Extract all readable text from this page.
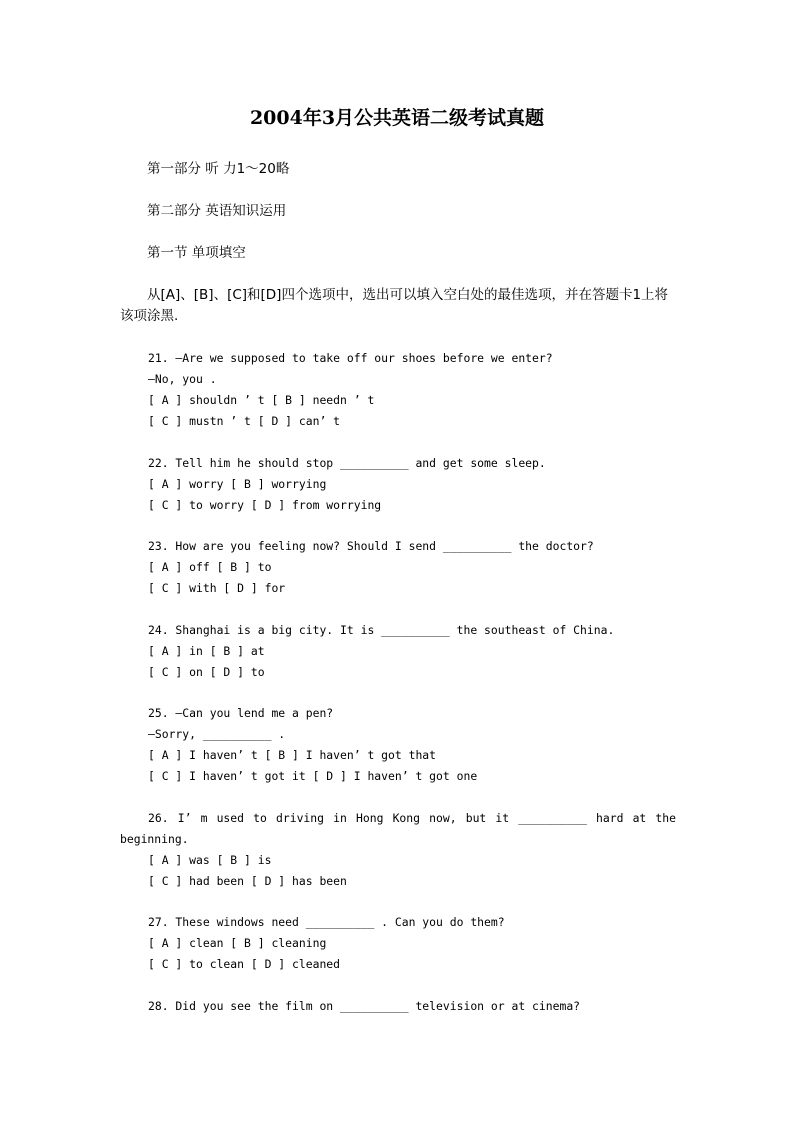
2004年3月公共英语二级考试真题
第一部分 听 力1～20略
第二部分 英语知识运用
第一节 单项填空
从[A]、[B]、[C]和[D]四个选项中，选出可以填入空白处的最佳选项，并在答题卡1上将该项涂黑.
21. —Are we supposed to take off our shoes before we enter?
—No, you .
[ A ] shouldn ’ t [ B ] needn ’ t
[ C ] mustn ’ t [ D ] can’ t
22. Tell him he should stop __________ and get some sleep.
[ A ] worry [ B ] worrying
[ C ] to worry [ D ] from worrying
23. How are you feeling now? Should I send __________ the doctor?
[ A ] off [ B ] to
[ C ] with [ D ] for
24. Shanghai is a big city. It is __________ the southeast of China.
[ A ] in [ B ] at
[ C ] on [ D ] to
25. —Can you lend me a pen?
—Sorry, __________ .
[ A ] I haven’ t [ B ] I haven’ t got that
[ C ] I haven’ t got it [ D ] I haven’ t got one
26. I’ m used to driving in Hong Kong now, but it __________ hard at the beginning.
[ A ] was [ B ] is
[ C ] had been [ D ] has been
27. These windows need __________ . Can you do them?
[ A ] clean [ B ] cleaning
[ C ] to clean [ D ] cleaned
28. Did you see the film on __________ television or at cinema?
